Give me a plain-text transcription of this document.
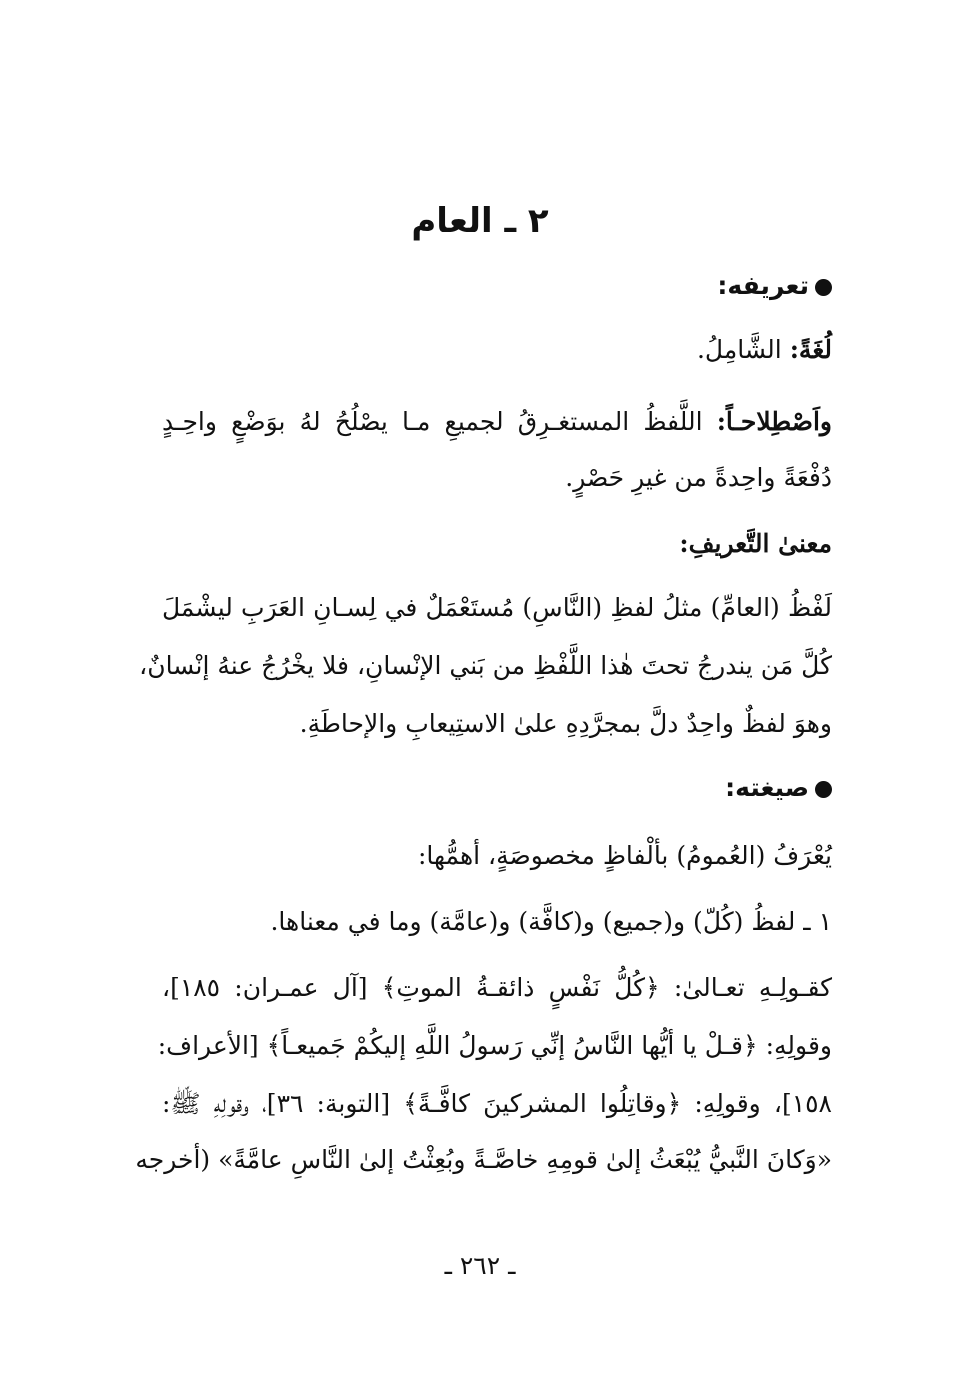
٢ ـ العام
تعريفه:
لُغَةً: الشَّامِلُ.
واَصْطِلاحـاً: اللَّفظُ المستغـرِقُ لجميعِ مـا يصْلُحُ لهُ بوَضْعٍ واحِـدٍ
دُفْعَةً واحِدةً من غيرِ حَصْرٍ.
معنىٰ التَّعريفِ:
لَفْظُ (العامِّ) مثلُ لفظِ (النَّاسِ) مُستَعْمَلٌ في لِسـانِ العَرَبِ ليشْمَلَ
كُلَّ مَن يندرجُ تحتَ هٰذا اللَّفْظِ من بَني الإنْسانِ، فلا يخْرُجُ عنهُ إنْسانٌ،
وهوَ لفظٌ واحِدٌ دلَّ بمجرَّدِهِ علىٰ الاستِيعابِ والإحاطَةِ.
صيغته:
يُعْرَفُ (العُمومُ) بألْفاظٍ مخصوصَةٍ، أهمُّها:
١ ـ لفظُ (كُلّ) و(جميع) و(كافَّة) و(عامَّة) وما في معناها.
كقـولِـهِ تعـالىٰ: ﴿كُلُّ نَفْسٍ ذائقـةُ الموتِ﴾ [آل عمـران: ١٨٥]،
وقولِهِ: ﴿قـلْ يا أيُّها النَّاسُ إنِّي رَسولُ اللَّهِ إليكُمْ جَميعـاً﴾ [الأعراف:
١٥٨]، وقولِهِ: ﴿وقاتِلُوا المشركينَ كافَّـةً﴾ [التوبة: ٣٦]، وقولِهِ ﷺ:
«وَكانَ النَّبيُّ يُبْعَثُ إلىٰ قومِهِ خاصَّـةً وبُعِثْتُ إلىٰ النَّاسِ عامَّةً» (أخرجه
ـ ٢٦٢ ـ
